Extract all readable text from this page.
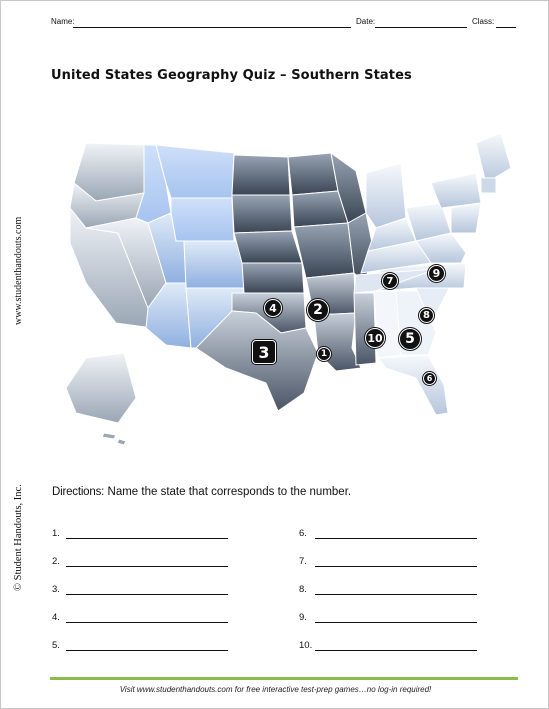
Name:	Date:	Class:
United States Geography Quiz – Southern States
www.studenthandouts.com
© Student Handouts, Inc.
4	2
3	1
10	5
7
9
8
6
Directions: Name the state that corresponds to the number.
1.
2.
3.
4.
5.
6.
7.
8.
9.
10.
Visit www.studenthandouts.com for free interactive test-prep games…no log-in required!
